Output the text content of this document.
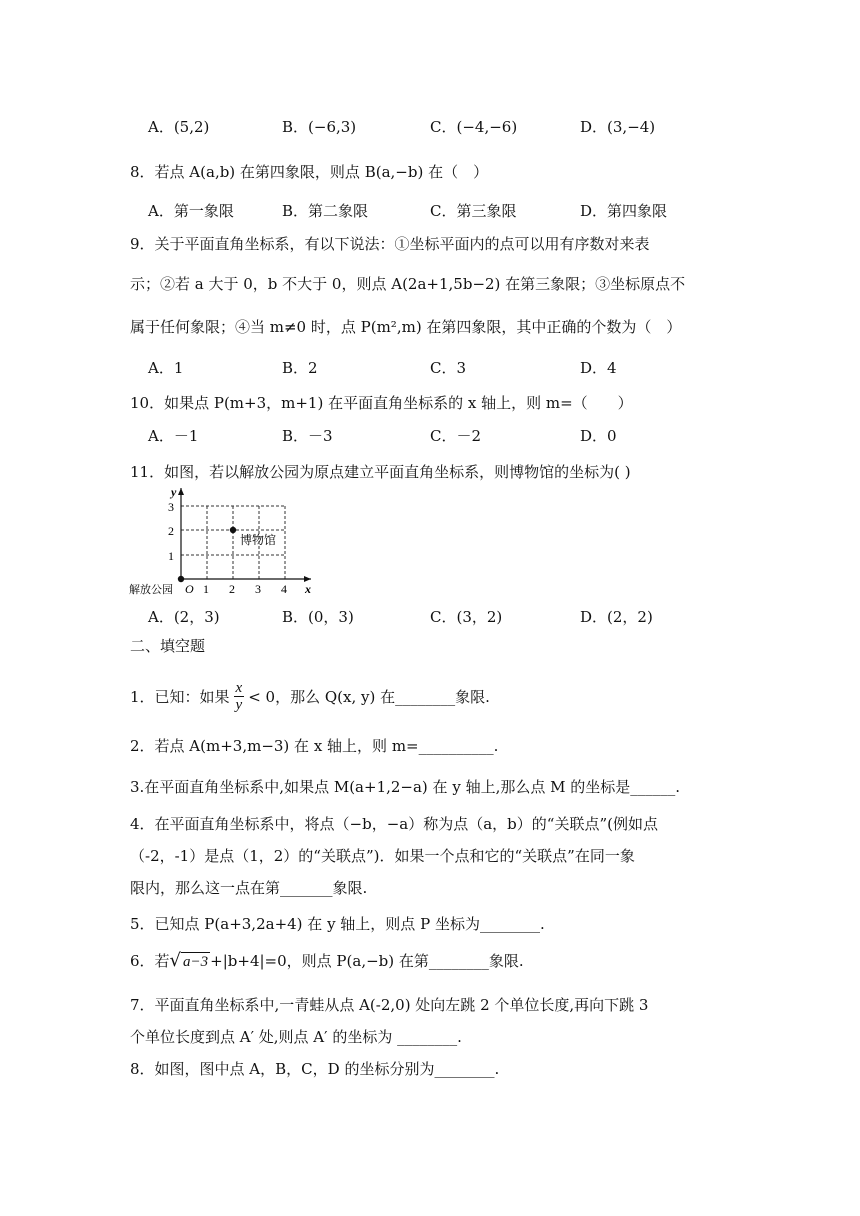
A．(5,2)	B．(−6,3)	C．(−4,−6)	D．(3,−4)
8．若点 A(a,b) 在第四象限，则点 B(a,−b) 在（　）
A．第一象限	B．第二象限	C．第三象限	D．第四象限
9．关于平面直角坐标系，有以下说法：①坐标平面内的点可以用有序数对来表
示；②若 a 大于 0，b 不大于 0，则点 A(2a+1,5b−2) 在第三象限；③坐标原点不
属于任何象限；④当 m≠0 时，点 P(m²,m) 在第四象限，其中正确的个数为（　）
A．1	B．2	C．3	D．4
10．如果点 P(m+3，m+1) 在平面直角坐标系的 x 轴上，则 m=（　　）
A．－1	B．－3	C．－2	D．0
11．如图，若以解放公园为原点建立平面直角坐标系，则博物馆的坐标为( )
y
x
O 1 2 3 4
1
2
3
博物馆
解放公园
A．(2，3)	B．(0，3)	C．(3，2)	D．(2，2)
二、填空题
1．已知：如果 $\frac{x}{y} < 0$，那么 Q(x, y) 在________象限.
2．若点 A(m+3,m−3) 在 x 轴上，则 m=__________.
3.在平面直角坐标系中,如果点 M(a+1,2−a) 在 y 轴上,那么点 M 的坐标是______.
4．在平面直角坐标系中，将点（−b，−a）称为点（a，b）的“关联点”(例如点
（-2，-1）是点（1，2）的“关联点”)．如果一个点和它的“关联点”在同一象
限内，那么这一点在第_______象限.
5．已知点 P(a+3,2a+4) 在 y 轴上，则点 P 坐标为________.
6．若 √ a−3 +|b+4|=0，则点 P(a,−b) 在第________象限.
7．平面直角坐标系中,一青蛙从点 A(-2,0) 处向左跳 2 个单位长度,再向下跳 3
个单位长度到点 A′ 处,则点 A′ 的坐标为 ________.
8．如图，图中点 A，B，C，D 的坐标分别为________.
